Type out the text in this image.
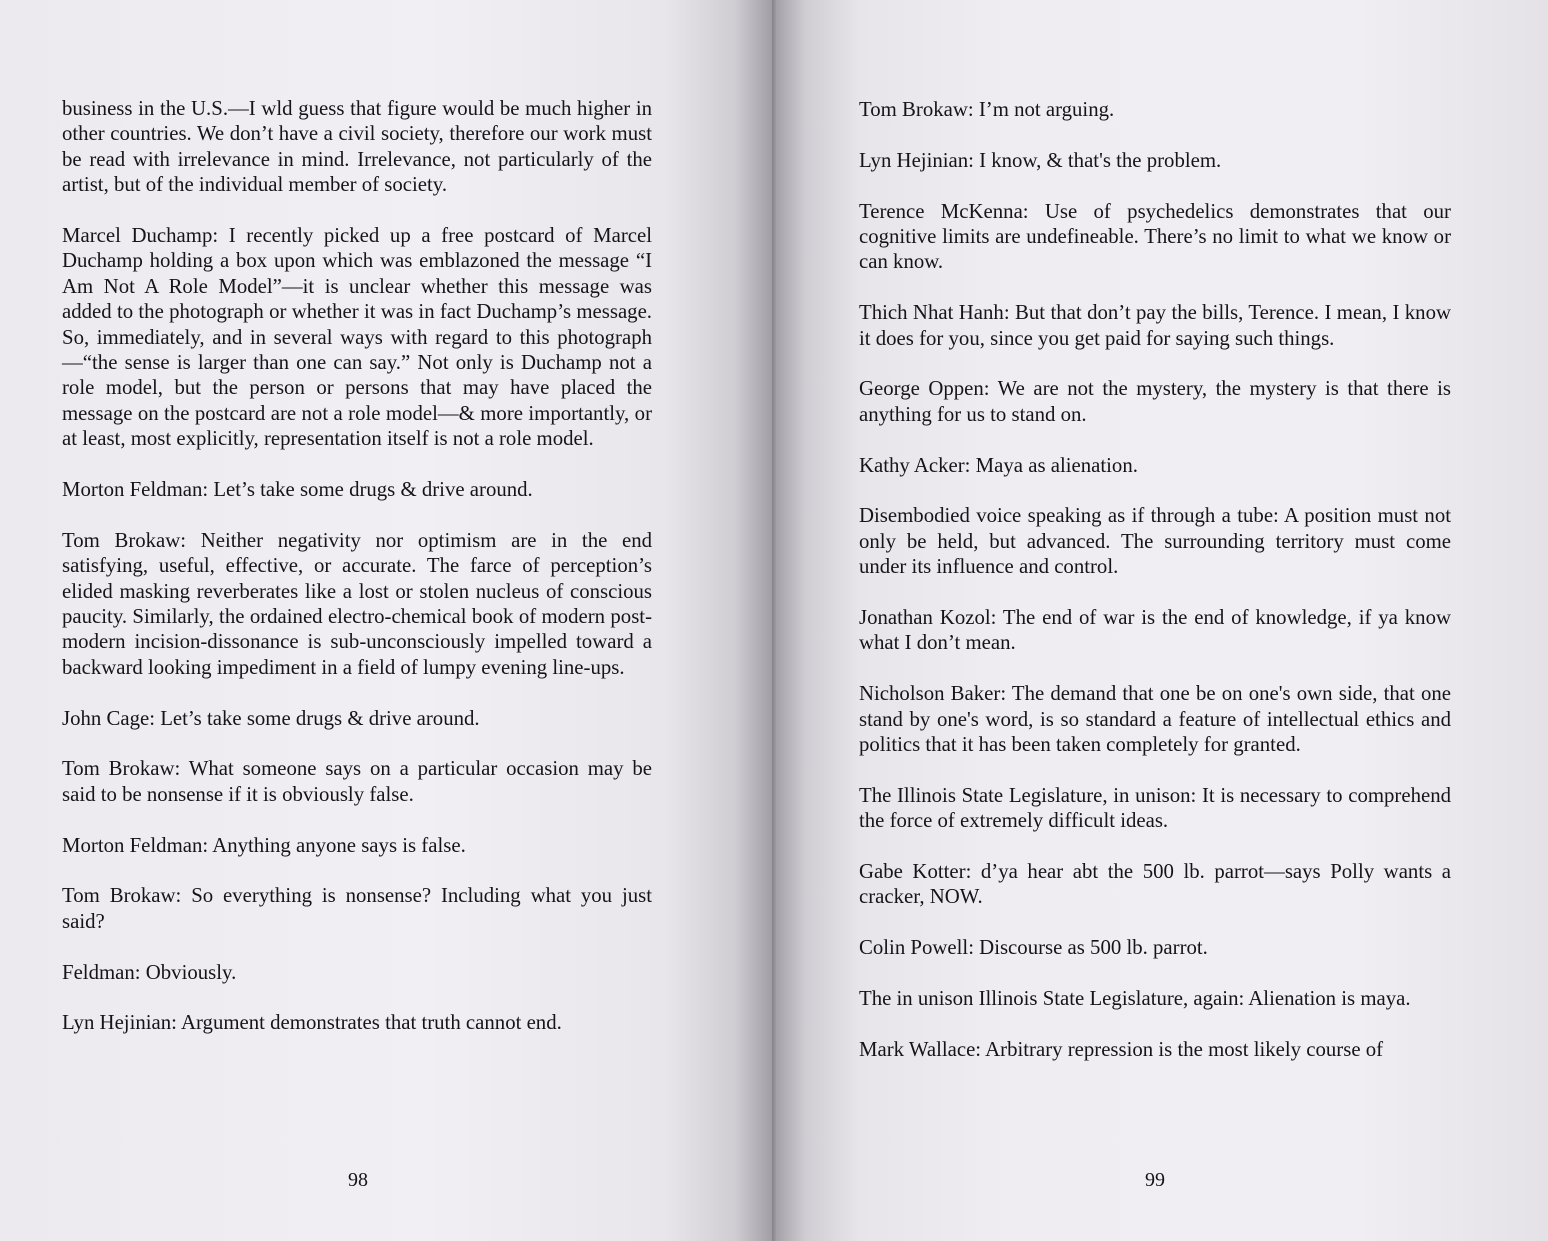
business in the U.S.—I wld guess that figure would be much higher in other countries. We don’t have a civil society, therefore our work must be read with irrelevance in mind. Irrelevance, not particularly of the artist, but of the individual member of society.

Marcel Duchamp: I recently picked up a free postcard of Marcel Duchamp holding a box upon which was emblazoned the message “I Am Not A Role Model”—it is unclear whether this message was added to the photograph or whether it was in fact Duchamp’s message. So, immediately, and in several ways with regard to this photograph—“the sense is larger than one can say.” Not only is Duchamp not a role model, but the person or persons that may have placed the message on the postcard are not a role model—& more importantly, or at least, most explicitly, representation itself is not a role model.

Morton Feldman: Let’s take some drugs & drive around.

Tom Brokaw: Neither negativity nor optimism are in the end satisfying, useful, effective, or accurate. The farce of perception’s elided masking reverberates like a lost or stolen nucleus of conscious paucity. Similarly, the ordained electro-chemical book of modern post-modern incision-dissonance is sub-unconsciously impelled toward a backward looking impediment in a field of lumpy evening line-ups.

John Cage: Let’s take some drugs & drive around.

Tom Brokaw: What someone says on a particular occasion may be said to be nonsense if it is obviously false.

Morton Feldman: Anything anyone says is false.

Tom Brokaw: So everything is nonsense? Including what you just said?

Feldman: Obviously.

Lyn Hejinian: Argument demonstrates that truth cannot end.

98

Tom Brokaw: I’m not arguing.

Lyn Hejinian: I know, & that's the problem.

Terence McKenna: Use of psychedelics demonstrates that our cognitive limits are undefineable. There’s no limit to what we know or can know.

Thich Nhat Hanh: But that don’t pay the bills, Terence. I mean, I know it does for you, since you get paid for saying such things.

George Oppen: We are not the mystery, the mystery is that there is anything for us to stand on.

Kathy Acker: Maya as alienation.

Disembodied voice speaking as if through a tube: A position must not only be held, but advanced. The surrounding territory must come under its influence and control.

Jonathan Kozol: The end of war is the end of knowledge, if ya know what I don’t mean.

Nicholson Baker: The demand that one be on one's own side, that one stand by one's word, is so standard a feature of intellectual ethics and politics that it has been taken completely for granted.

The Illinois State Legislature, in unison: It is necessary to comprehend the force of extremely difficult ideas.

Gabe Kotter: d’ya hear abt the 500 lb. parrot—says Polly wants a cracker, NOW.

Colin Powell: Discourse as 500 lb. parrot.

The in unison Illinois State Legislature, again: Alienation is maya.

Mark Wallace: Arbitrary repression is the most likely course of

99
